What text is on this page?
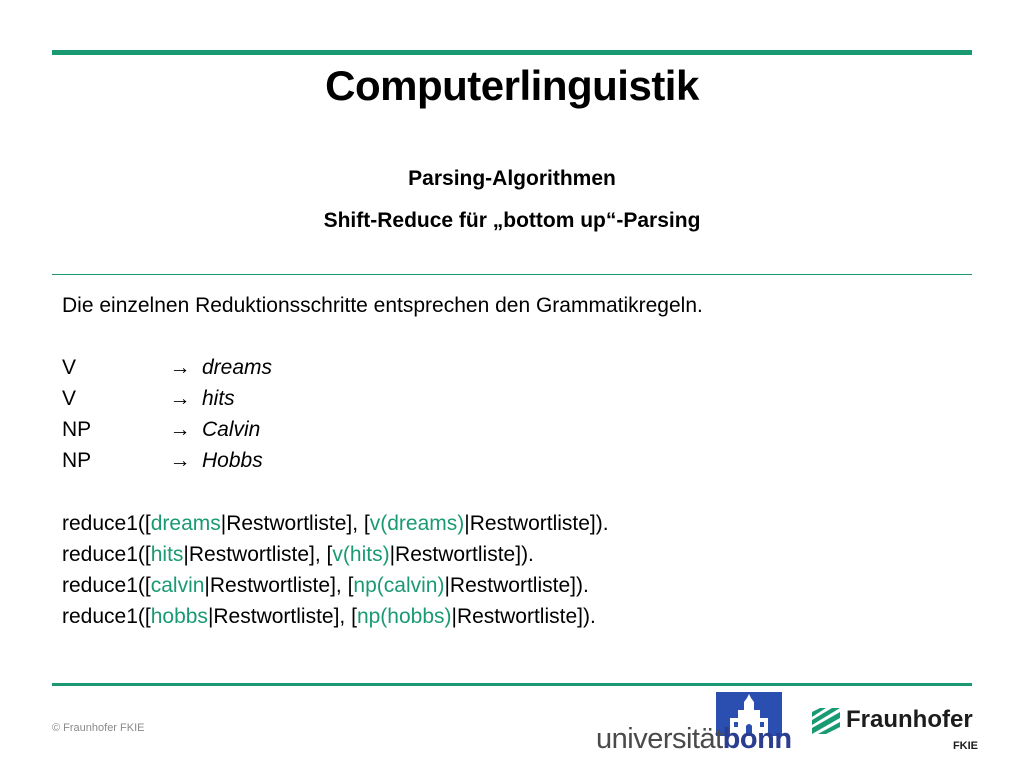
Computerlinguistik
Parsing-Algorithmen
Shift-Reduce für „bottom up“-Parsing
Die einzelnen Reduktionsschritte entsprechen den Grammatikregeln.
V	→ dreams
V	→ hits
NP	→ Calvin
NP	→ Hobbs
reduce1([dreams|Restwortliste], [v(dreams)|Restwortliste]).
reduce1([hits|Restwortliste], [v(hits)|Restwortliste]).
reduce1([calvin|Restwortliste], [np(calvin)|Restwortliste]).
reduce1([hobbs|Restwortliste], [np(hobbs)|Restwortliste]).
© Fraunhofer FKIE	universitätbonn
Fraunhofer
FKIE
